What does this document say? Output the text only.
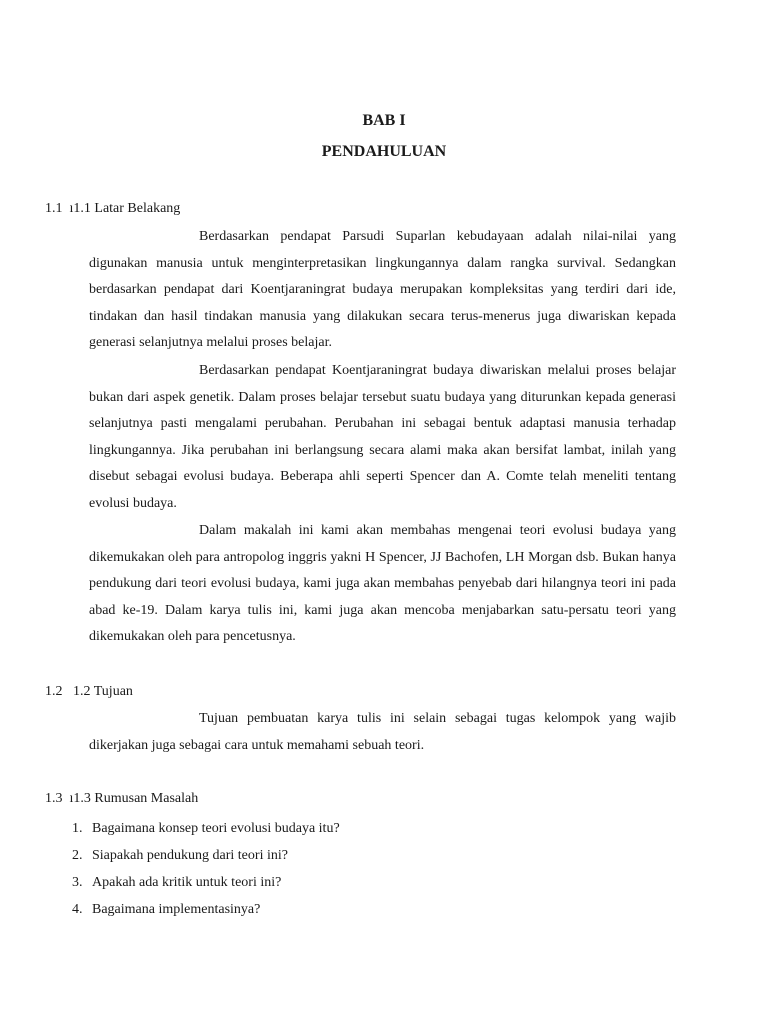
BAB I
PENDAHULUAN
1.1  ı1.1 Latar Belakang

Berdasarkan pendapat Parsudi Suparlan kebudayaan adalah nilai-nilai yang digunakan manusia untuk menginterpretasikan lingkungannya dalam rangka survival. Sedangkan berdasarkan pendapat dari Koentjaraningrat budaya merupakan kompleksitas yang terdiri dari ide, tindakan dan hasil tindakan manusia yang dilakukan secara terus-menerus juga diwariskan kepada generasi selanjutnya melalui proses belajar.

Berdasarkan pendapat Koentjaraningrat budaya diwariskan melalui proses belajar bukan dari aspek genetik. Dalam proses belajar tersebut suatu budaya yang diturunkan kepada generasi selanjutnya pasti mengalami perubahan. Perubahan ini sebagai bentuk adaptasi manusia terhadap lingkungannya. Jika perubahan ini berlangsung secara alami maka akan bersifat lambat, inilah yang disebut sebagai evolusi budaya. Beberapa ahli seperti Spencer dan A. Comte telah meneliti tentang evolusi budaya.

Dalam makalah ini kami akan membahas mengenai teori evolusi budaya yang dikemukakan oleh para antropolog inggris yakni H Spencer, JJ Bachofen, LH Morgan dsb. Bukan hanya pendukung dari teori evolusi budaya, kami juga akan membahas penyebab dari hilangnya teori ini pada abad ke-19. Dalam karya tulis ini, kami juga akan mencoba menjabarkan satu-persatu teori yang dikemukakan oleh para pencetusnya.

1.2   1.2 Tujuan

Tujuan pembuatan karya tulis ini selain sebagai tugas kelompok yang wajib dikerjakan juga sebagai cara untuk memahami sebuah teori.

1.3  ı1.3 Rumusan Masalah
1. Bagaimana konsep teori evolusi budaya itu?
2. Siapakah pendukung dari teori ini?
3. Apakah ada kritik untuk teori ini?
4. Bagaimana implementasinya?
